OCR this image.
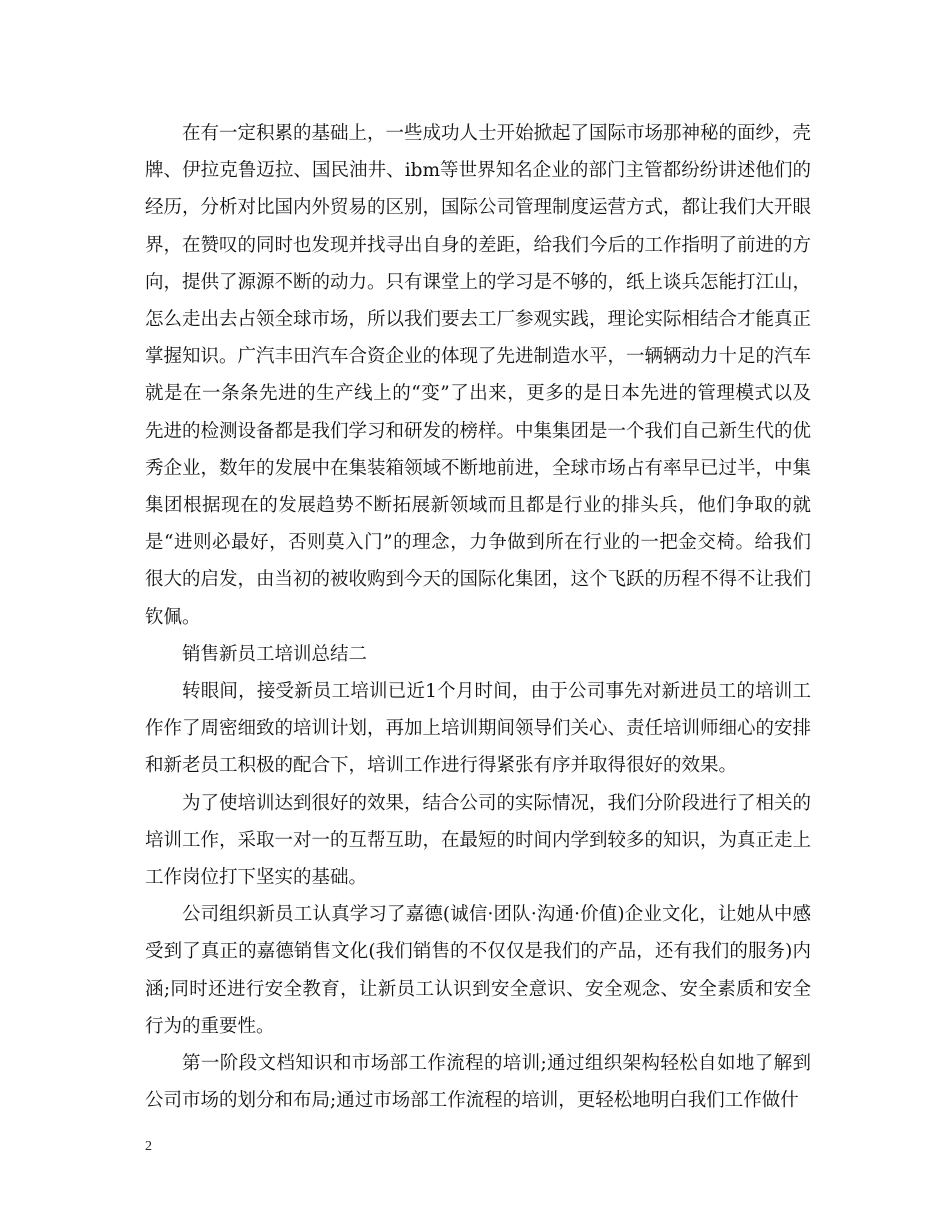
在有一定积累的基础上，一些成功人士开始掀起了国际市场那神秘的面纱，壳牌、伊拉克鲁迈拉、国民油井、ibm等世界知名企业的部门主管都纷纷讲述他们的经历，分析对比国内外贸易的区别，国际公司管理制度运营方式，都让我们大开眼界，在赞叹的同时也发现并找寻出自身的差距，给我们今后的工作指明了前进的方向，提供了源源不断的动力。只有课堂上的学习是不够的，纸上谈兵怎能打江山，怎么走出去占领全球市场，所以我们要去工厂参观实践，理论实际相结合才能真正掌握知识。广汽丰田汽车合资企业的体现了先进制造水平，一辆辆动力十足的汽车就是在一条条先进的生产线上的“变”了出来，更多的是日本先进的管理模式以及先进的检测设备都是我们学习和研发的榜样。中集集团是一个我们自己新生代的优秀企业，数年的发展中在集装箱领域不断地前进，全球市场占有率早已过半，中集集团根据现在的发展趋势不断拓展新领域而且都是行业的排头兵，他们争取的就是“进则必最好，否则莫入门”的理念，力争做到所在行业的一把金交椅。给我们很大的启发，由当初的被收购到今天的国际化集团，这个飞跃的历程不得不让我们钦佩。

销售新员工培训总结二

转眼间，接受新员工培训已近1个月时间，由于公司事先对新进员工的培训工作作了周密细致的培训计划，再加上培训期间领导们关心、责任培训师细心的安排和新老员工积极的配合下，培训工作进行得紧张有序并取得很好的效果。

为了使培训达到很好的效果，结合公司的实际情况，我们分阶段进行了相关的培训工作，采取一对一的互帮互助，在最短的时间内学到较多的知识，为真正走上工作岗位打下坚实的基础。

公司组织新员工认真学习了嘉德(诚信·团队·沟通·价值)企业文化，让她从中感受到了真正的嘉德销售文化(我们销售的不仅仅是我们的产品，还有我们的服务)内涵;同时还进行安全教育，让新员工认识到安全意识、安全观念、安全素质和安全行为的重要性。

第一阶段文档知识和市场部工作流程的培训;通过组织架构轻松自如地了解到公司市场的划分和布局;通过市场部工作流程的培训，更轻松地明白我们工作做什

2
